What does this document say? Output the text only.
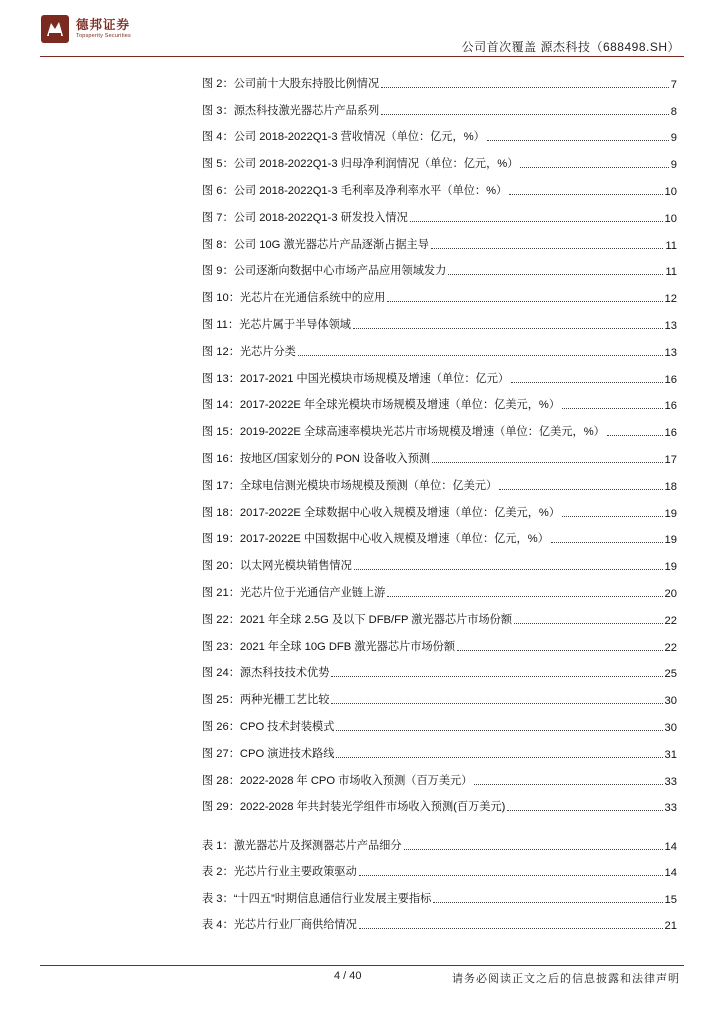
德邦证券
Topsperity Securities
公司首次覆盖 源杰科技（688498.SH）
图 2：公司前十大股东持股比例情况	7
图 3：源杰科技激光器芯片产品系列	8
图 4：公司 2018-2022Q1-3 营收情况（单位：亿元，%）	9
图 5：公司 2018-2022Q1-3 归母净利润情况（单位：亿元，%）	9
图 6：公司 2018-2022Q1-3 毛利率及净利率水平（单位：%）	10
图 7：公司 2018-2022Q1-3 研发投入情况	10
图 8：公司 10G 激光器芯片产品逐渐占据主导	11
图 9：公司逐渐向数据中心市场产品应用领域发力	11
图 10：光芯片在光通信系统中的应用	12
图 11：光芯片属于半导体领域	13
图 12：光芯片分类	13
图 13：2017-2021 中国光模块市场规模及增速（单位：亿元）	16
图 14：2017-2022E 年全球光模块市场规模及增速（单位：亿美元，%）	16
图 15：2019-2022E 全球高速率模块光芯片市场规模及增速（单位：亿美元，%）	16
图 16：按地区/国家划分的 PON 设备收入预测	17
图 17：全球电信测光模块市场规模及预测（单位：亿美元）	18
图 18：2017-2022E 全球数据中心收入规模及增速（单位：亿美元，%）	19
图 19：2017-2022E 中国数据中心收入规模及增速（单位：亿元，%）	19
图 20：以太网光模块销售情况	19
图 21：光芯片位于光通信产业链上游	20
图 22：2021 年全球 2.5G 及以下 DFB/FP 激光器芯片市场份额	22
图 23：2021 年全球 10G DFB 激光器芯片市场份额	22
图 24：源杰科技技术优势	25
图 25：两种光栅工艺比较	30
图 26：CPO 技术封装模式	30
图 27：CPO 演进技术路线	31
图 28：2022-2028 年 CPO 市场收入预测（百万美元）	33
图 29：2022-2028 年共封装光学组件市场收入预测(百万美元)	33
表 1：激光器芯片及探测器芯片产品细分	14
表 2：光芯片行业主要政策驱动	14
表 3：“十四五”时期信息通信行业发展主要指标	15
表 4：光芯片行业厂商供给情况	21
4 / 40	请务必阅读正文之后的信息披露和法律声明
